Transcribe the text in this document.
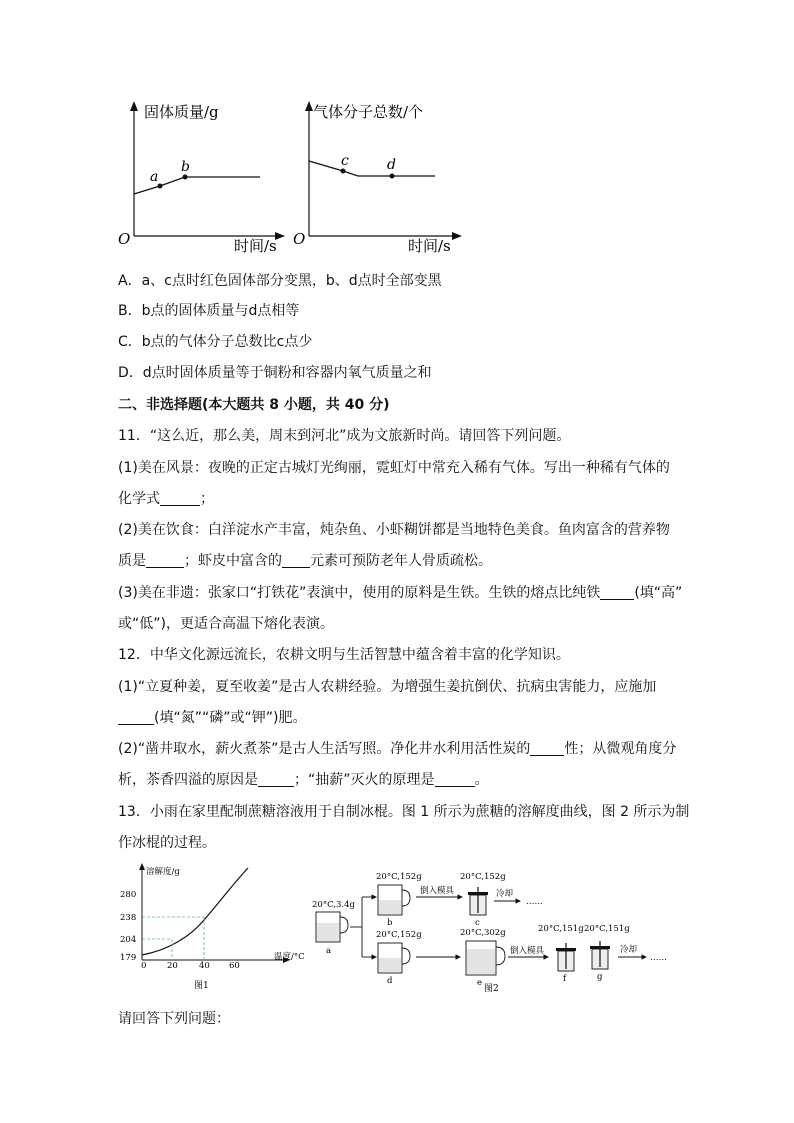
固体质量/g
时间/s
O
a
b
气体分子总数/个
时间/s
O
c	d
A．a、c点时红色固体部分变黑，b、d点时全部变黑
B．b点的固体质量与d点相等
C．b点的气体分子总数比c点少
D．d点时固体质量等于铜粉和容器内氧气质量之和
二、非选择题(本大题共 8 小题，共 40 分)
11．“这么近，那么美，周末到河北”成为文旅新时尚。请回答下列问题。
(1)美在风景：夜晚的正定古城灯光绚丽，霓虹灯中常充入稀有气体。写出一种稀有气体的
化学式	；
(2)美在饮食：白洋淀水产丰富，炖杂鱼、小虾糊饼都是当地特色美食。鱼肉富含的营养物
质是	；虾皮中富含的 元素可预防老年人骨质疏松。
(3)美在非遗：张家口“打铁花”表演中，使用的原料是生铁。生铁的熔点比纯铁 (填“高”
或“低”)，更适合高温下熔化表演。
12．中华文化源远流长，农耕文明与生活智慧中蕴含着丰富的化学知识。
(1)“立夏种姜，夏至收姜”是古人农耕经验。为增强生姜抗倒伏、抗病虫害能力，应施加
(填“氮”“磷”或“钾”)肥。
(2)“凿井取水，薪火煮茶”是古人生活写照。净化井水利用活性炭的 性；从微观角度分
析，茶香四溢的原因是	；“抽薪”灭火的原理是	。
13．小雨在家里配制蔗糖溶液用于自制冰棍。图 1 所示为蔗糖的溶解度曲线，图 2 所示为制
作冰棍的过程。
溶解度/g
温度/°C
280
238
204
179
0 20 40 60
图1
20°C,3.4g
a
20°C,152g
b
倒入模具
20°C,152g
c
冷却
……
20°C,152g
d
20°C,302g
e
倒入模具
20°C,151g
f
20°C,151g
g
冷却
……
图2
请回答下列问题：
